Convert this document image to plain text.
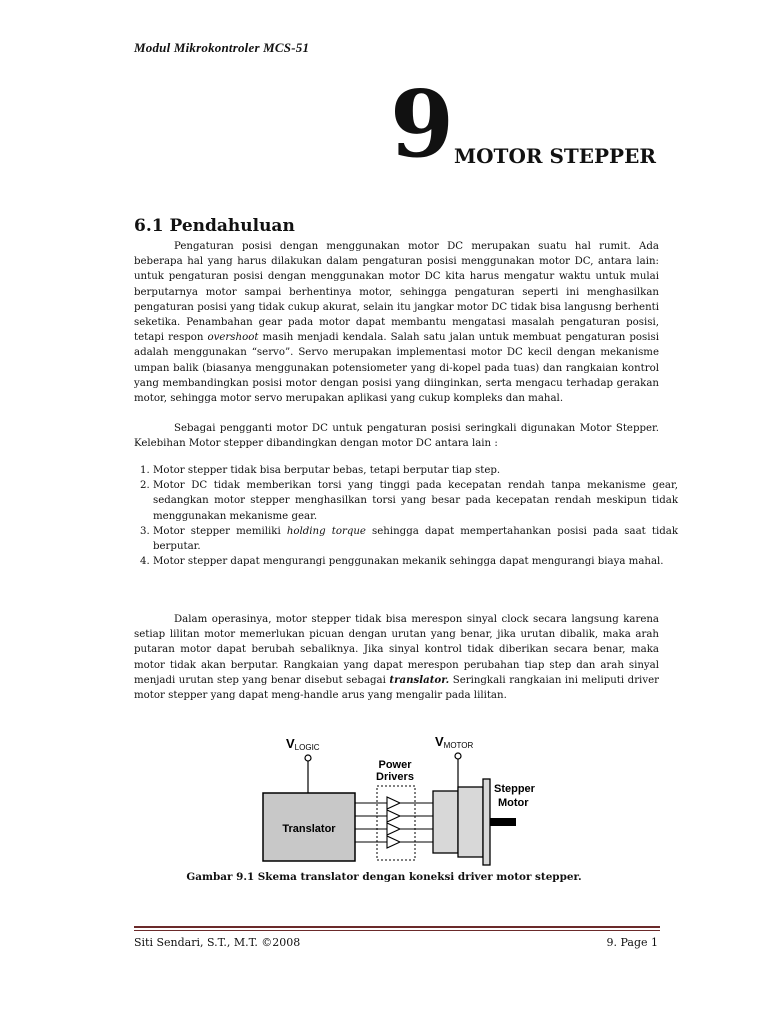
Modul Mikrokontroler MCS-51
9 MOTOR STEPPER
6.1 Pendahuluan

Pengaturan posisi dengan menggunakan motor DC merupakan suatu hal rumit. Ada beberapa hal yang harus dilakukan dalam pengaturan posisi menggunakan motor DC, antara lain: untuk pengaturan posisi dengan menggunakan motor DC kita harus mengatur waktu untuk mulai berputarnya motor sampai berhentinya motor, sehingga pengaturan seperti ini menghasilkan pengaturan posisi yang tidak cukup akurat, selain itu jangkar motor DC tidak bisa langusng berhenti seketika. Penambahan gear pada motor dapat membantu mengatasi masalah pengaturan posisi, tetapi respon overshoot masih menjadi kendala. Salah satu jalan untuk membuat pengaturan posisi adalah menggunakan “servo”. Servo merupakan implementasi motor DC kecil dengan mekanisme umpan balik (biasanya menggunakan potensiometer yang di-kopel pada tuas) dan rangkaian kontrol yang membandingkan posisi motor dengan posisi yang diinginkan, serta mengacu terhadap gerakan motor, sehingga motor servo merupakan aplikasi yang cukup kompleks dan mahal.

Sebagai pengganti motor DC untuk pengaturan posisi seringkali digunakan Motor Stepper. Kelebihan Motor stepper dibandingkan dengan motor DC antara lain :

1. Motor stepper tidak bisa berputar bebas, tetapi berputar tiap step.
2. Motor DC tidak memberikan torsi yang tinggi pada kecepatan rendah tanpa mekanisme gear, sedangkan motor stepper menghasilkan torsi yang besar pada kecepatan rendah meskipun tidak menggunakan mekanisme gear.
3. Motor stepper memiliki holding torque sehingga dapat mempertahankan posisi pada saat tidak berputar.
4. Motor stepper dapat mengurangi penggunakan mekanik sehingga dapat mengurangi biaya mahal.

Dalam operasinya, motor stepper tidak bisa merespon sinyal clock secara langsung karena setiap lilitan motor memerlukan picuan dengan urutan yang benar, jika urutan dibalik, maka arah putaran motor dapat berubah sebaliknya. Jika sinyal kontrol tidak diberikan secara benar, maka motor tidak akan berputar. Rangkaian yang dapat merespon perubahan tiap step dan arah sinyal menjadi urutan step yang benar disebut sebagai translator. Seringkali rangkaian ini meliputi driver motor stepper yang dapat meng-handle arus yang mengalir pada lilitan.

VLOGIC	VMOTOR
Translator
Power
Drivers
Stepper
Motor
Gambar 9.1 Skema translator dengan koneksi driver motor stepper.
Siti Sendari, S.T., M.T. ©2008	9. Page 1
